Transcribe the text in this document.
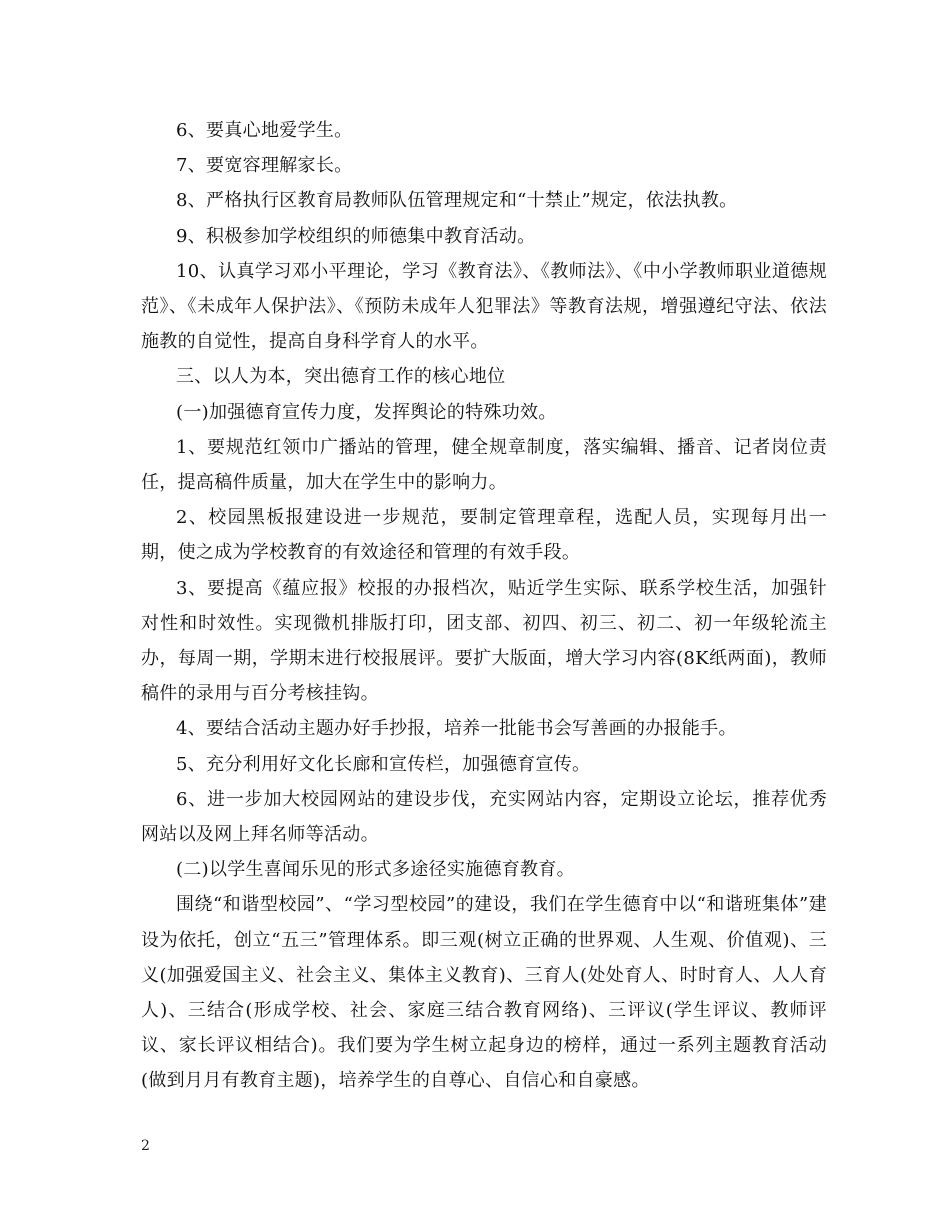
6、要真心地爱学生。

7、要宽容理解家长。

8、严格执行区教育局教师队伍管理规定和“十禁止”规定，依法执教。

9、积极参加学校组织的师德集中教育活动。

10、认真学习邓小平理论，学习《教育法》、《教师法》、《中小学教师职业道德规范》、《未成年人保护法》、《预防未成年人犯罪法》等教育法规，增强遵纪守法、依法施教的自觉性，提高自身科学育人的水平。

三、以人为本，突出德育工作的核心地位

(一)加强德育宣传力度，发挥舆论的特殊功效。

1、要规范红领巾广播站的管理，健全规章制度，落实编辑、播音、记者岗位责任，提高稿件质量，加大在学生中的影响力。

2、校园黑板报建设进一步规范，要制定管理章程，选配人员，实现每月出一期，使之成为学校教育的有效途径和管理的有效手段。

3、要提高《蕴应报》校报的办报档次，贴近学生实际、联系学校生活，加强针对性和时效性。实现微机排版打印，团支部、初四、初三、初二、初一年级轮流主办，每周一期，学期末进行校报展评。要扩大版面，增大学习内容(8K纸两面)，教师稿件的录用与百分考核挂钩。

4、要结合活动主题办好手抄报，培养一批能书会写善画的办报能手。

5、充分利用好文化长廊和宣传栏，加强德育宣传。

6、进一步加大校园网站的建设步伐，充实网站内容，定期设立论坛，推荐优秀网站以及网上拜名师等活动。

(二)以学生喜闻乐见的形式多途径实施德育教育。

围绕“和谐型校园”、“学习型校园”的建设，我们在学生德育中以“和谐班集体”建设为依托，创立“五三”管理体系。即三观(树立正确的世界观、人生观、价值观)、三义(加强爱国主义、社会主义、集体主义教育)、三育人(处处育人、时时育人、人人育人)、三结合(形成学校、社会、家庭三结合教育网络)、三评议(学生评议、教师评议、家长评议相结合)。我们要为学生树立起身边的榜样，通过一系列主题教育活动(做到月月有教育主题)，培养学生的自尊心、自信心和自豪感。

2
